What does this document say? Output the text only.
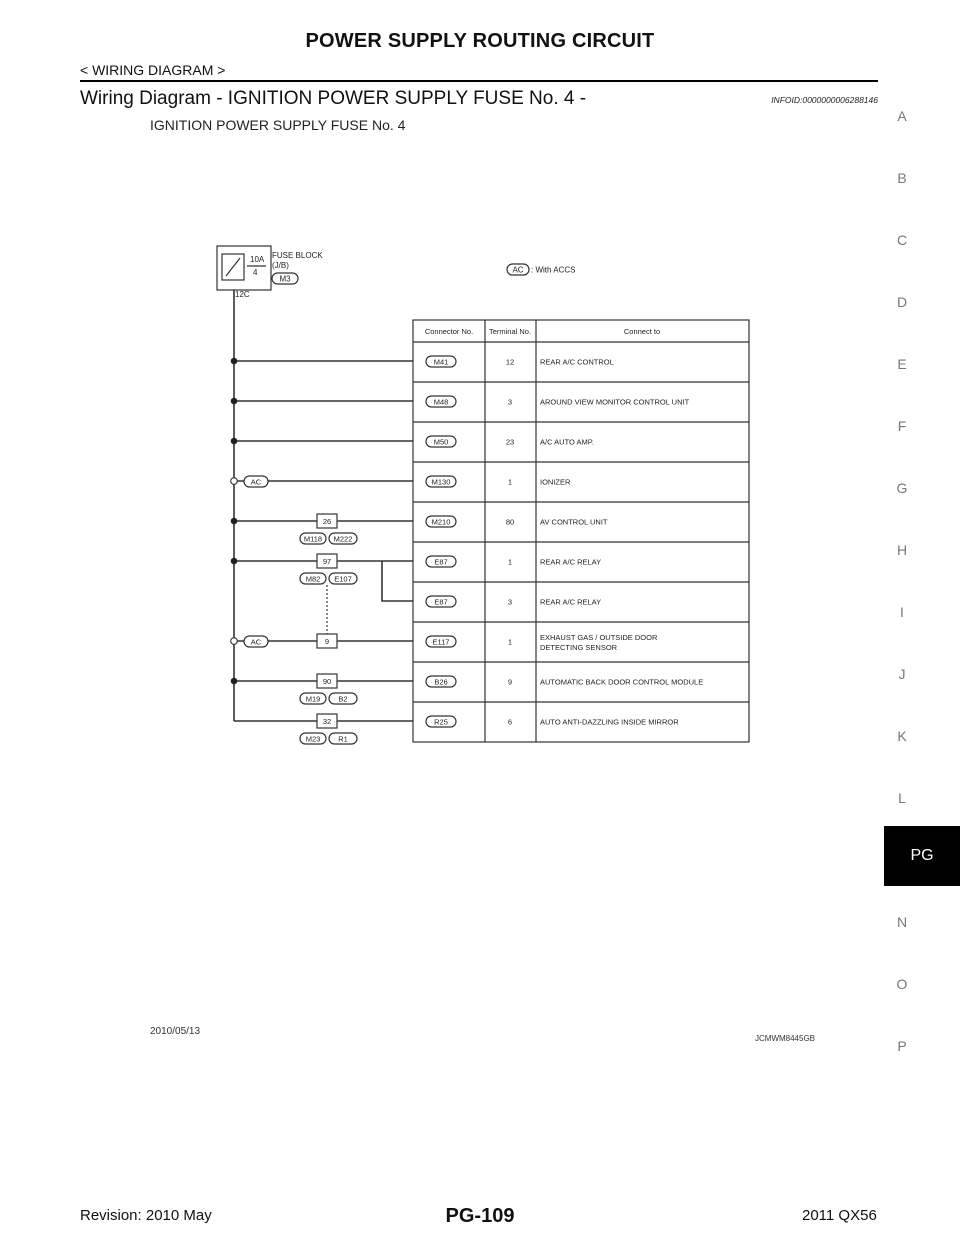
POWER SUPPLY ROUTING CIRCUIT
< WIRING DIAGRAM >
Wiring Diagram - IGNITION POWER SUPPLY FUSE No. 4 -	INFOID:0000000006288146
IGNITION POWER SUPPLY FUSE No. 4
10A
4
FUSE BLOCK
(J/B)
M3
12C
AC : With ACCS
Connector No. Terminal No.	Connect to
M41	12	REAR A/C CONTROL
M48	3	AROUND VIEW MONITOR CONTROL UNIT
M50	23	A/C AUTO AMP.
M130	1	IONIZER
M210	80	AV CONTROL UNIT
E87	1	REAR A/C RELAY
E87	3	REAR A/C RELAY
E117	1	EXHAUST GAS / OUTSIDE DOOR
DETECTING SENSOR
B26	9	AUTOMATIC BACK DOOR CONTROL MODULE
R25	6	AUTO ANTI-DAZZLING INSIDE MIRROR
26
M118 M222
97
M82 E107
9
90
M19 B2
32
M23 R1
AC
AC
2010/05/13
JCMWM8445GB
A
B
C
D
E
F
G
H
I
J
K
L
PG
N
O
P
Revision: 2010 May	PG-109	2011 QX56
